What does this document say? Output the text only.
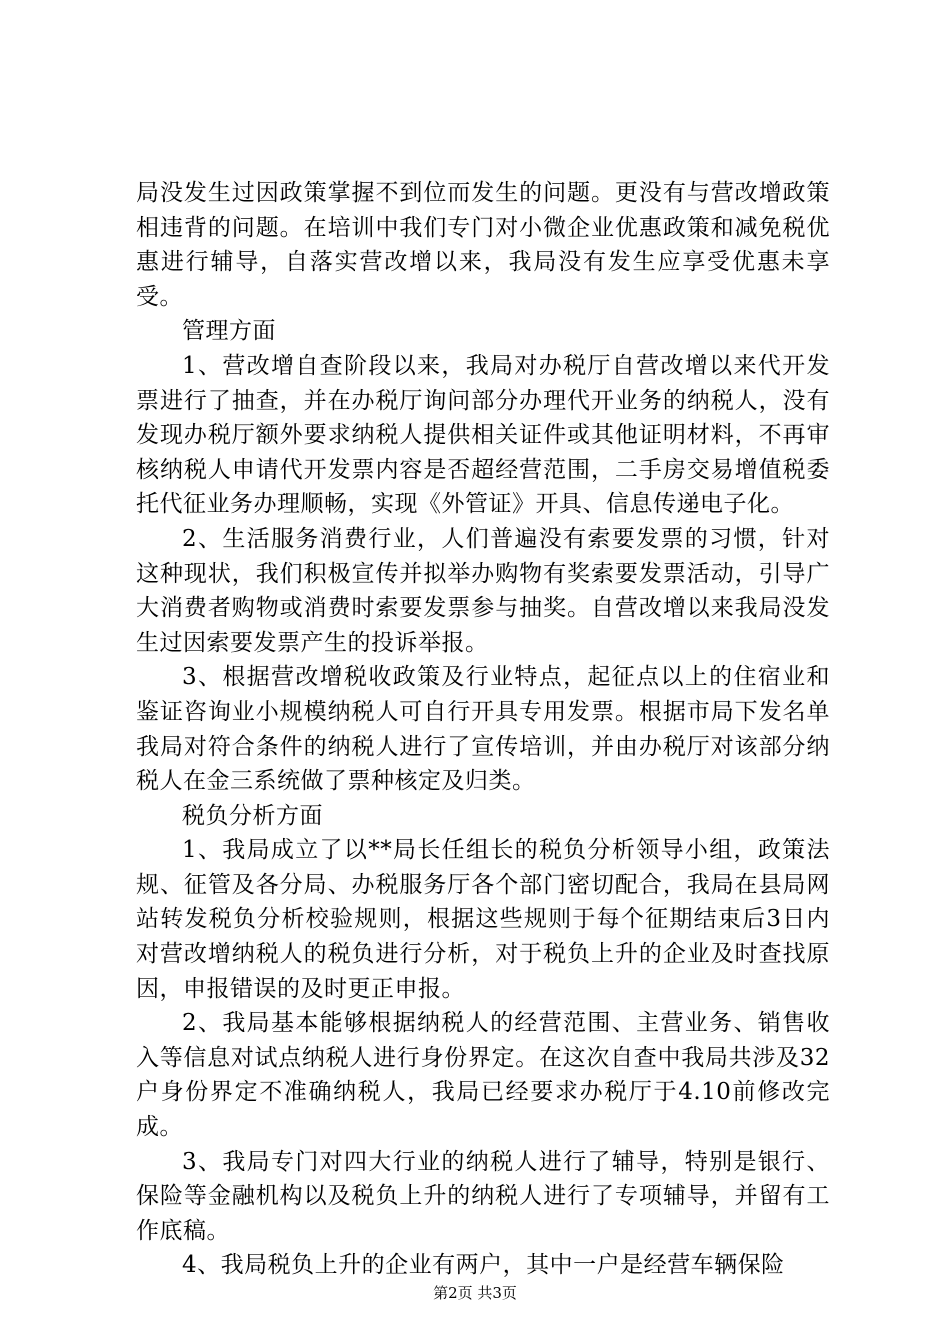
局没发生过因政策掌握不到位而发生的问题。更没有与营改增政策相违背的问题。在培训中我们专门对小微企业优惠政策和减免税优惠进行辅导，自落实营改增以来，我局没有发生应享受优惠未享受。

管理方面

1、营改增自查阶段以来，我局对办税厅自营改增以来代开发票进行了抽查，并在办税厅询问部分办理代开业务的纳税人，没有发现办税厅额外要求纳税人提供相关证件或其他证明材料，不再审核纳税人申请代开发票内容是否超经营范围，二手房交易增值税委托代征业务办理顺畅，实现《外管证》开具、信息传递电子化。

2、生活服务消费行业，人们普遍没有索要发票的习惯，针对这种现状，我们积极宣传并拟举办购物有奖索要发票活动，引导广大消费者购物或消费时索要发票参与抽奖。自营改增以来我局没发生过因索要发票产生的投诉举报。

3、根据营改增税收政策及行业特点，起征点以上的住宿业和鉴证咨询业小规模纳税人可自行开具专用发票。根据市局下发名单我局对符合条件的纳税人进行了宣传培训，并由办税厅对该部分纳税人在金三系统做了票种核定及归类。

税负分析方面

1、我局成立了以**局长任组长的税负分析领导小组，政策法规、征管及各分局、办税服务厅各个部门密切配合，我局在县局网站转发税负分析校验规则，根据这些规则于每个征期结束后3日内对营改增纳税人的税负进行分析，对于税负上升的企业及时查找原因，申报错误的及时更正申报。

2、我局基本能够根据纳税人的经营范围、主营业务、销售收入等信息对试点纳税人进行身份界定。在这次自查中我局共涉及32户身份界定不准确纳税人，我局已经要求办税厅于4.10前修改完成。

3、我局专门对四大行业的纳税人进行了辅导，特别是银行、保险等金融机构以及税负上升的纳税人进行了专项辅导，并留有工作底稿。

4、我局税负上升的企业有两户，其中一户是经营车辆保险

第2页 共3页
